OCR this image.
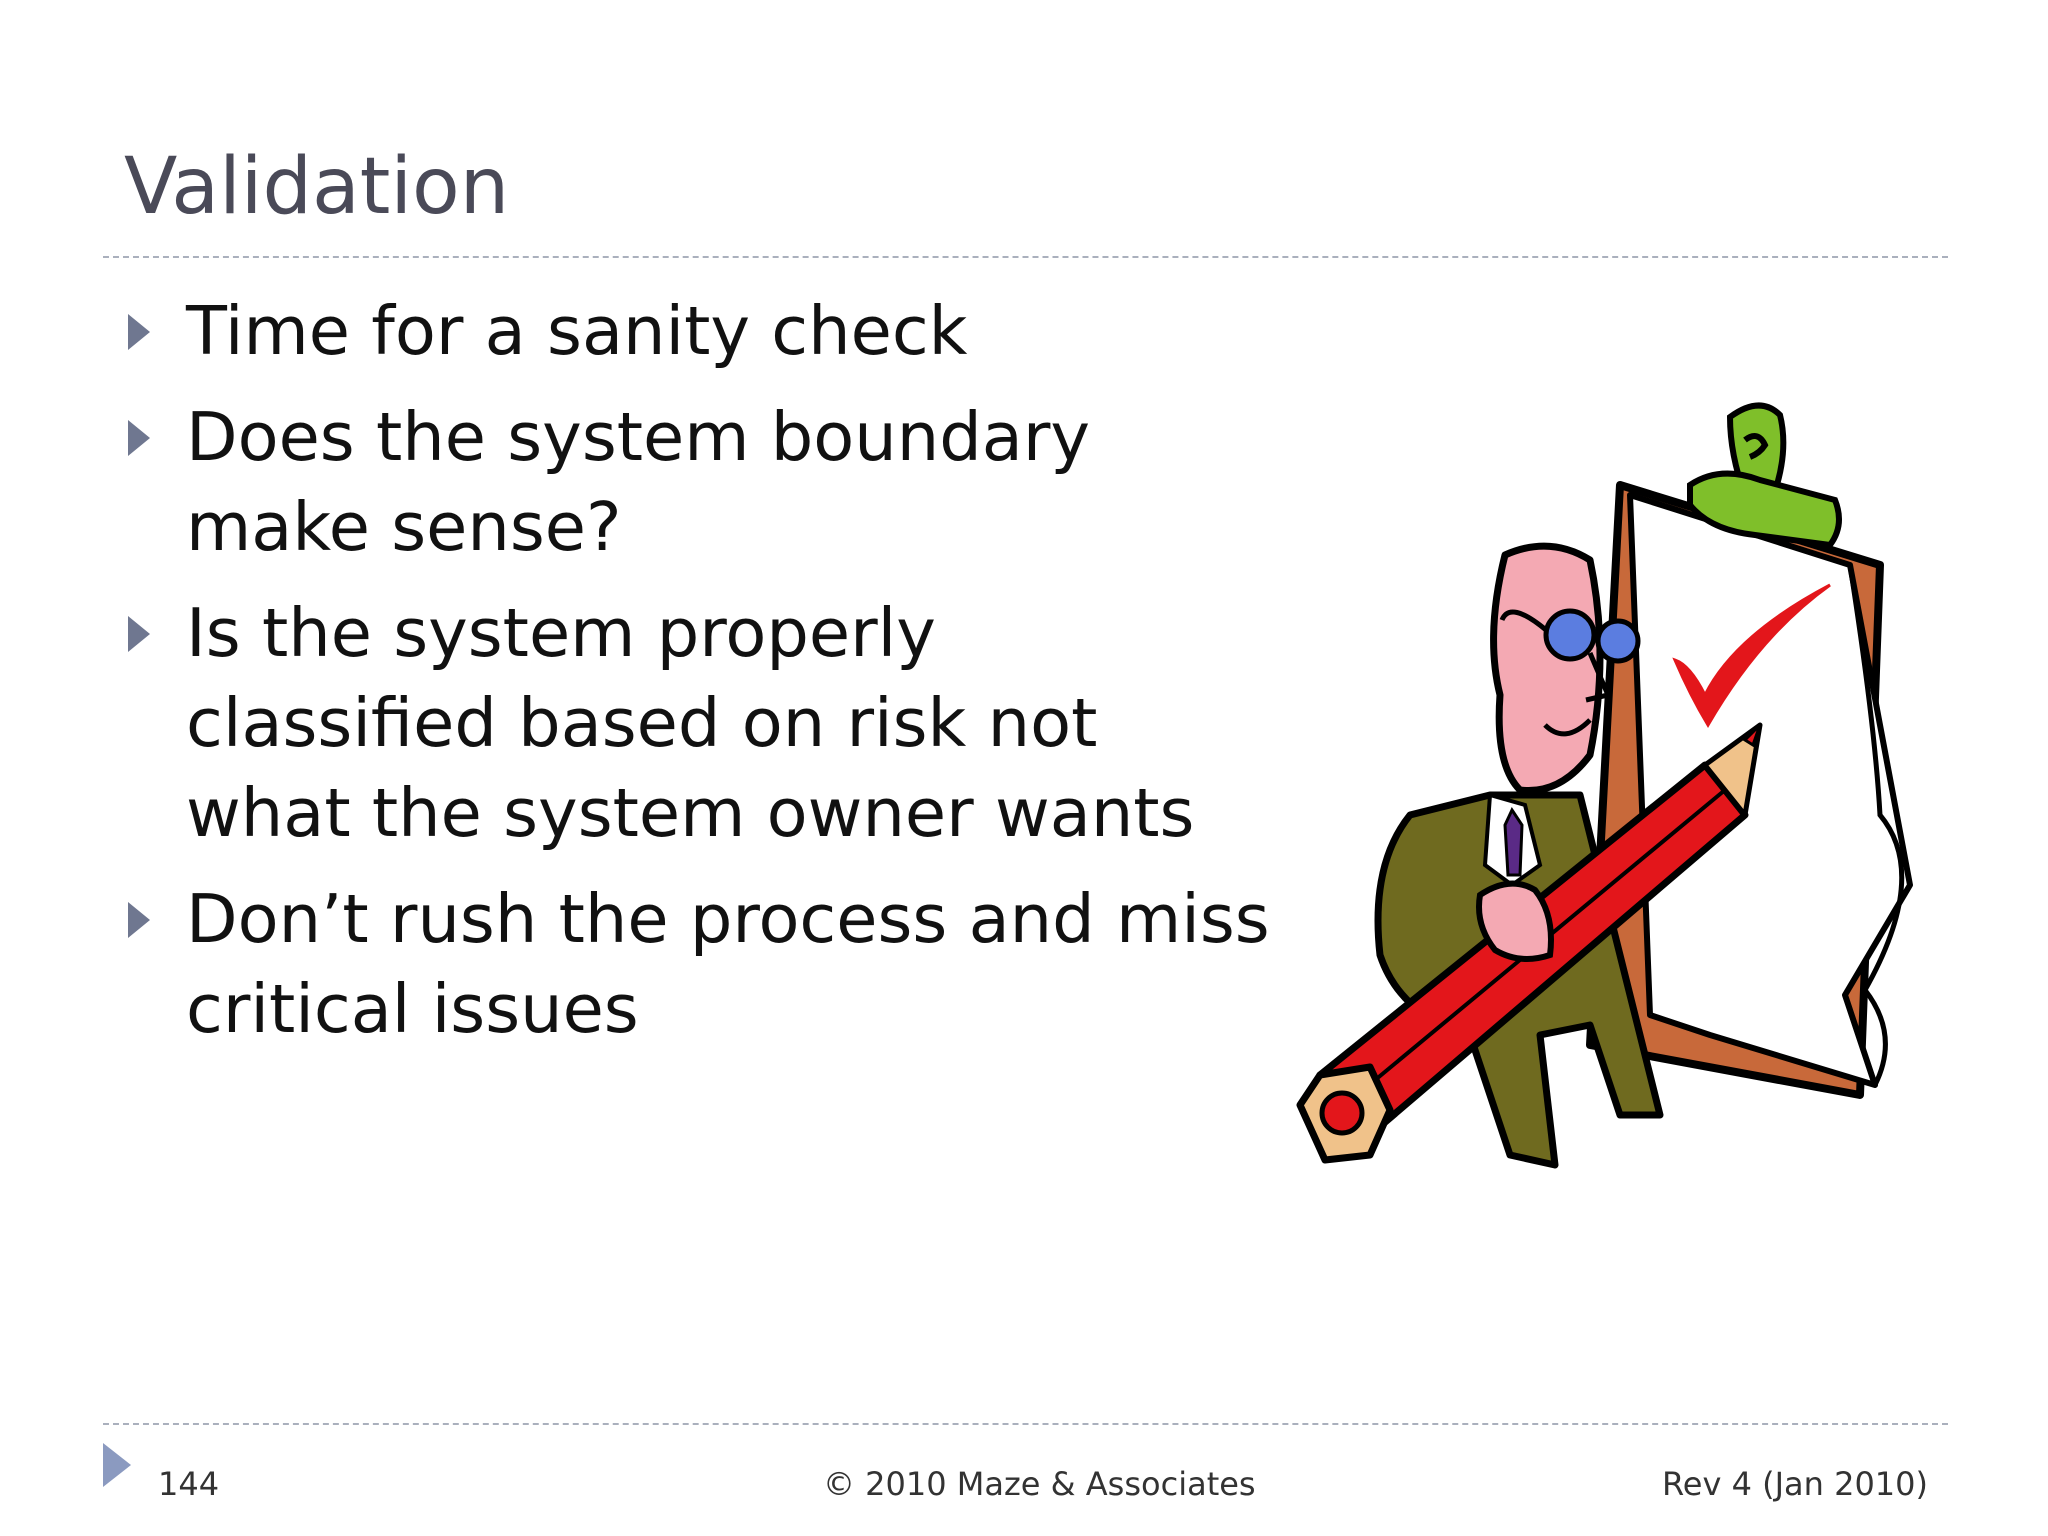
Validation
Time for a sanity check
Does the system boundary make sense?
Is the system properly classified based on risk not what the system owner wants
Don’t rush the process and miss critical issues
144	© 2010 Maze & Associates	Rev 4 (Jan 2010)
